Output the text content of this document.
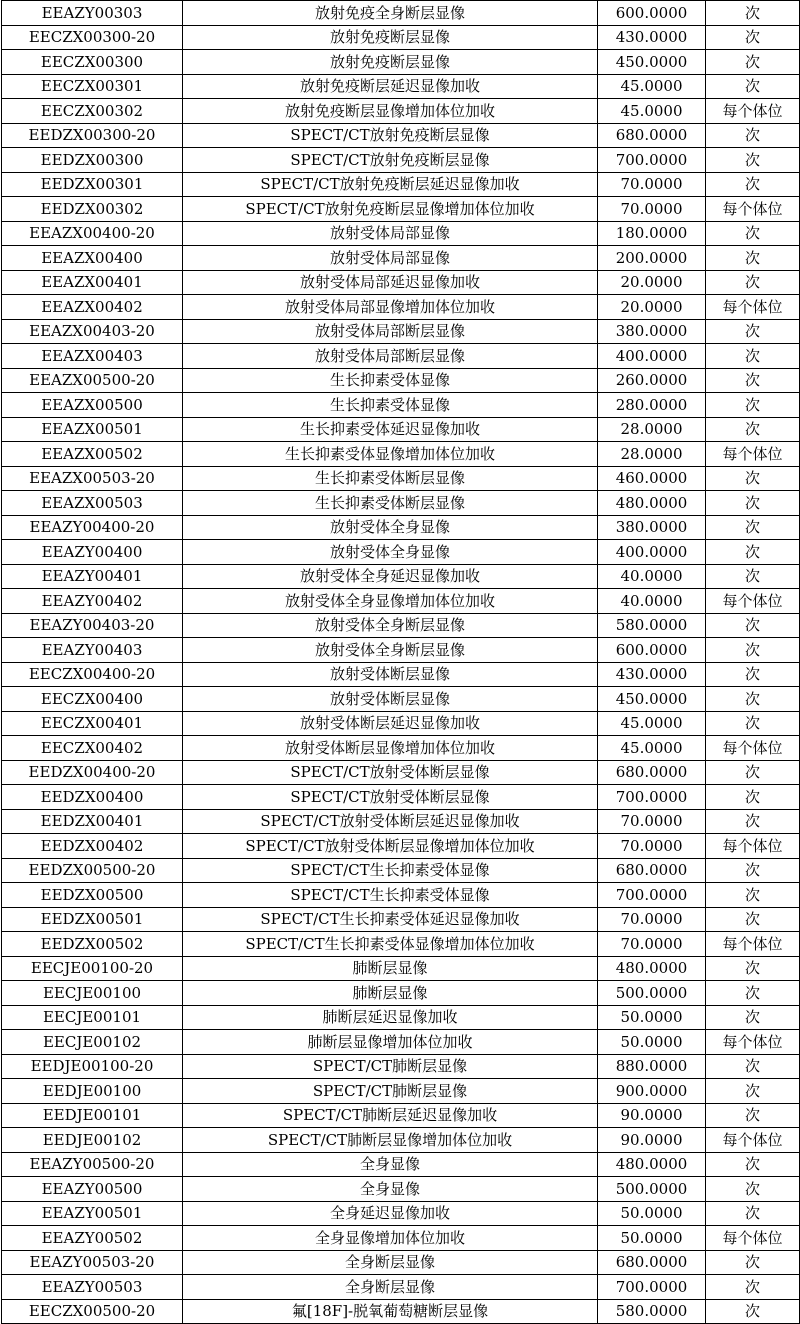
EEAZY00303	放射免疫全身断层显像	600.0000	次
EECZX00300-20	放射免疫断层显像	430.0000	次
EECZX00300	放射免疫断层显像	450.0000	次
EECZX00301	放射免疫断层延迟显像加收	45.0000	次
EECZX00302	放射免疫断层显像增加体位加收	45.0000	每个体位
EEDZX00300-20	SPECT/CT放射免疫断层显像	680.0000	次
EEDZX00300	SPECT/CT放射免疫断层显像	700.0000	次
EEDZX00301	SPECT/CT放射免疫断层延迟显像加收	70.0000	次
EEDZX00302	SPECT/CT放射免疫断层显像增加体位加收	70.0000	每个体位
EEAZX00400-20	放射受体局部显像	180.0000	次
EEAZX00400	放射受体局部显像	200.0000	次
EEAZX00401	放射受体局部延迟显像加收	20.0000	次
EEAZX00402	放射受体局部显像增加体位加收	20.0000	每个体位
EEAZX00403-20	放射受体局部断层显像	380.0000	次
EEAZX00403	放射受体局部断层显像	400.0000	次
EEAZX00500-20	生长抑素受体显像	260.0000	次
EEAZX00500	生长抑素受体显像	280.0000	次
EEAZX00501	生长抑素受体延迟显像加收	28.0000	次
EEAZX00502	生长抑素受体显像增加体位加收	28.0000	每个体位
EEAZX00503-20	生长抑素受体断层显像	460.0000	次
EEAZX00503	生长抑素受体断层显像	480.0000	次
EEAZY00400-20	放射受体全身显像	380.0000	次
EEAZY00400	放射受体全身显像	400.0000	次
EEAZY00401	放射受体全身延迟显像加收	40.0000	次
EEAZY00402	放射受体全身显像增加体位加收	40.0000	每个体位
EEAZY00403-20	放射受体全身断层显像	580.0000	次
EEAZY00403	放射受体全身断层显像	600.0000	次
EECZX00400-20	放射受体断层显像	430.0000	次
EECZX00400	放射受体断层显像	450.0000	次
EECZX00401	放射受体断层延迟显像加收	45.0000	次
EECZX00402	放射受体断层显像增加体位加收	45.0000	每个体位
EEDZX00400-20	SPECT/CT放射受体断层显像	680.0000	次
EEDZX00400	SPECT/CT放射受体断层显像	700.0000	次
EEDZX00401	SPECT/CT放射受体断层延迟显像加收	70.0000	次
EEDZX00402	SPECT/CT放射受体断层显像增加体位加收	70.0000	每个体位
EEDZX00500-20	SPECT/CT生长抑素受体显像	680.0000	次
EEDZX00500	SPECT/CT生长抑素受体显像	700.0000	次
EEDZX00501	SPECT/CT生长抑素受体延迟显像加收	70.0000	次
EEDZX00502	SPECT/CT生长抑素受体显像增加体位加收	70.0000	每个体位
EECJE00100-20	肺断层显像	480.0000	次
EECJE00100	肺断层显像	500.0000	次
EECJE00101	肺断层延迟显像加收	50.0000	次
EECJE00102	肺断层显像增加体位加收	50.0000	每个体位
EEDJE00100-20	SPECT/CT肺断层显像	880.0000	次
EEDJE00100	SPECT/CT肺断层显像	900.0000	次
EEDJE00101	SPECT/CT肺断层延迟显像加收	90.0000	次
EEDJE00102	SPECT/CT肺断层显像增加体位加收	90.0000	每个体位
EEAZY00500-20	全身显像	480.0000	次
EEAZY00500	全身显像	500.0000	次
EEAZY00501	全身延迟显像加收	50.0000	次
EEAZY00502	全身显像增加体位加收	50.0000	每个体位
EEAZY00503-20	全身断层显像	680.0000	次
EEAZY00503	全身断层显像	700.0000	次
EECZX00500-20	氟[18F]-脱氧葡萄糖断层显像	580.0000	次
